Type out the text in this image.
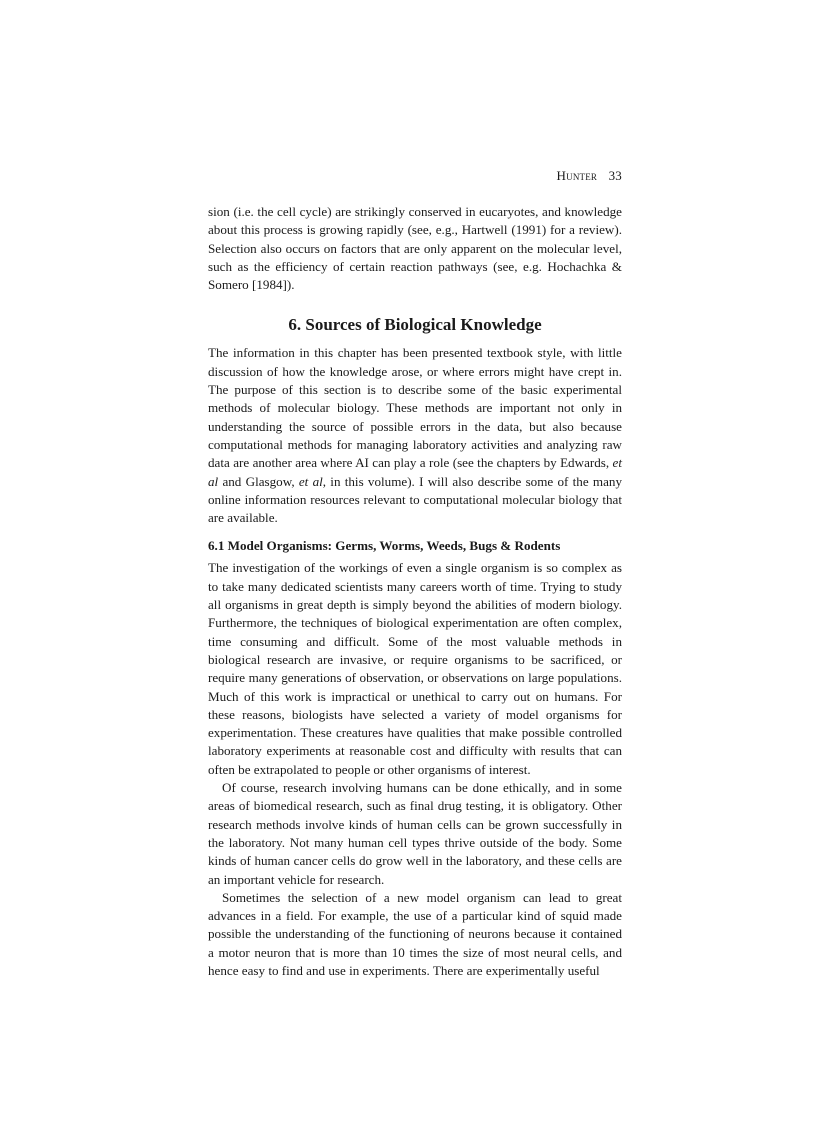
Hunter 33

sion (i.e. the cell cycle) are strikingly conserved in eucaryotes, and knowledge about this process is growing rapidly (see, e.g., Hartwell (1991) for a review). Selection also occurs on factors that are only apparent on the molecular level, such as the efficiency of certain reaction pathways (see, e.g. Hochachka & Somero [1984]).

6. Sources of Biological Knowledge

The information in this chapter has been presented textbook style, with little discussion of how the knowledge arose, or where errors might have crept in. The purpose of this section is to describe some of the basic experimental methods of molecular biology. These methods are important not only in understanding the source of possible errors in the data, but also because computational methods for managing laboratory activities and analyzing raw data are another area where AI can play a role (see the chapters by Edwards, et al and Glasgow, et al, in this volume). I will also describe some of the many online information resources relevant to computational molecular biology that are available.

6.1 Model Organisms: Germs, Worms, Weeds, Bugs & Rodents

The investigation of the workings of even a single organism is so complex as to take many dedicated scientists many careers worth of time. Trying to study all organisms in great depth is simply beyond the abilities of modern biology. Furthermore, the techniques of biological experimentation are often complex, time consuming and difficult. Some of the most valuable methods in biological research are invasive, or require organisms to be sacrificed, or require many generations of observation, or observations on large populations. Much of this work is impractical or unethical to carry out on humans. For these reasons, biologists have selected a variety of model organisms for experimentation. These creatures have qualities that make possible controlled laboratory experiments at reasonable cost and difficulty with results that can often be extrapolated to people or other organisms of interest.

Of course, research involving humans can be done ethically, and in some areas of biomedical research, such as final drug testing, it is obligatory. Other research methods involve kinds of human cells can be grown successfully in the laboratory. Not many human cell types thrive outside of the body. Some kinds of human cancer cells do grow well in the laboratory, and these cells are an important vehicle for research.

Sometimes the selection of a new model organism can lead to great advances in a field. For example, the use of a particular kind of squid made possible the understanding of the functioning of neurons because it contained a motor neuron that is more than 10 times the size of most neural cells, and hence easy to find and use in experiments. There are experimentally useful
